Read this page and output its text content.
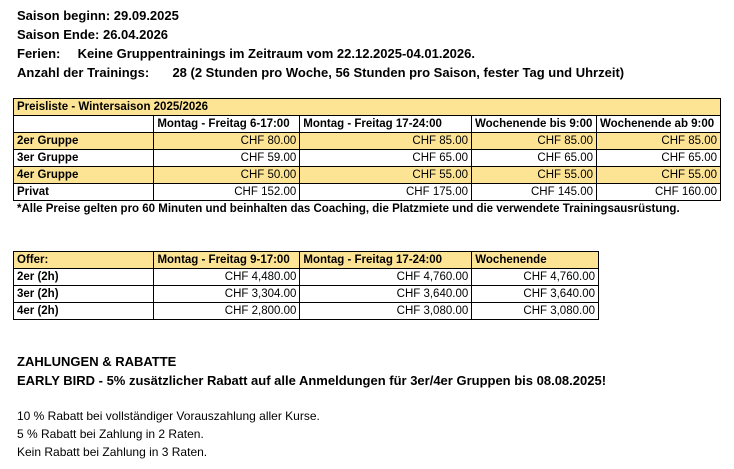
Saison beginn: 29.09.2025
Saison Ende: 26.04.2026
Ferien: Keine Gruppentrainings im Zeitraum vom 22.12.2025-04.01.2026.
Anzahl der Trainings: 28 (2 Stunden pro Woche, 56 Stunden pro Saison, fester Tag und Uhrzeit)
Preisliste - Wintersaison 2025/2026				
	Montag - Freitag 6-17:00	Montag - Freitag 17-24:00	Wochenende bis 9:00	Wochenende ab 9:00
2er Gruppe	CHF 80.00	CHF 85.00	CHF 85.00	CHF 85.00
3er Gruppe	CHF 59.00	CHF 65.00	CHF 65.00	CHF 65.00
4er Gruppe	CHF 50.00	CHF 55.00	CHF 55.00	CHF 55.00
Privat	CHF 152.00	CHF 175.00	CHF 145.00	CHF 160.00
*Alle Preise gelten pro 60 Minuten und beinhalten das Coaching, die Platzmiete und die verwendete Trainingsausrüstung.
Offer:	Montag - Freitag 9-17:00	Montag - Freitag 17-24:00	Wochenende
2er (2h)	CHF 4,480.00	CHF 4,760.00	CHF 4,760.00
3er (2h)	CHF 3,304.00	CHF 3,640.00	CHF 3,640.00
4er (2h)	CHF 2,800.00	CHF 3,080.00	CHF 3,080.00
ZAHLUNGEN & RABATTE
EARLY BIRD - 5% zusätzlicher Rabatt auf alle Anmeldungen für 3er/4er Gruppen bis 08.08.2025!
10 % Rabatt bei vollständiger Vorauszahlung aller Kurse.
5 % Rabatt bei Zahlung in 2 Raten.
Kein Rabatt bei Zahlung in 3 Raten.
